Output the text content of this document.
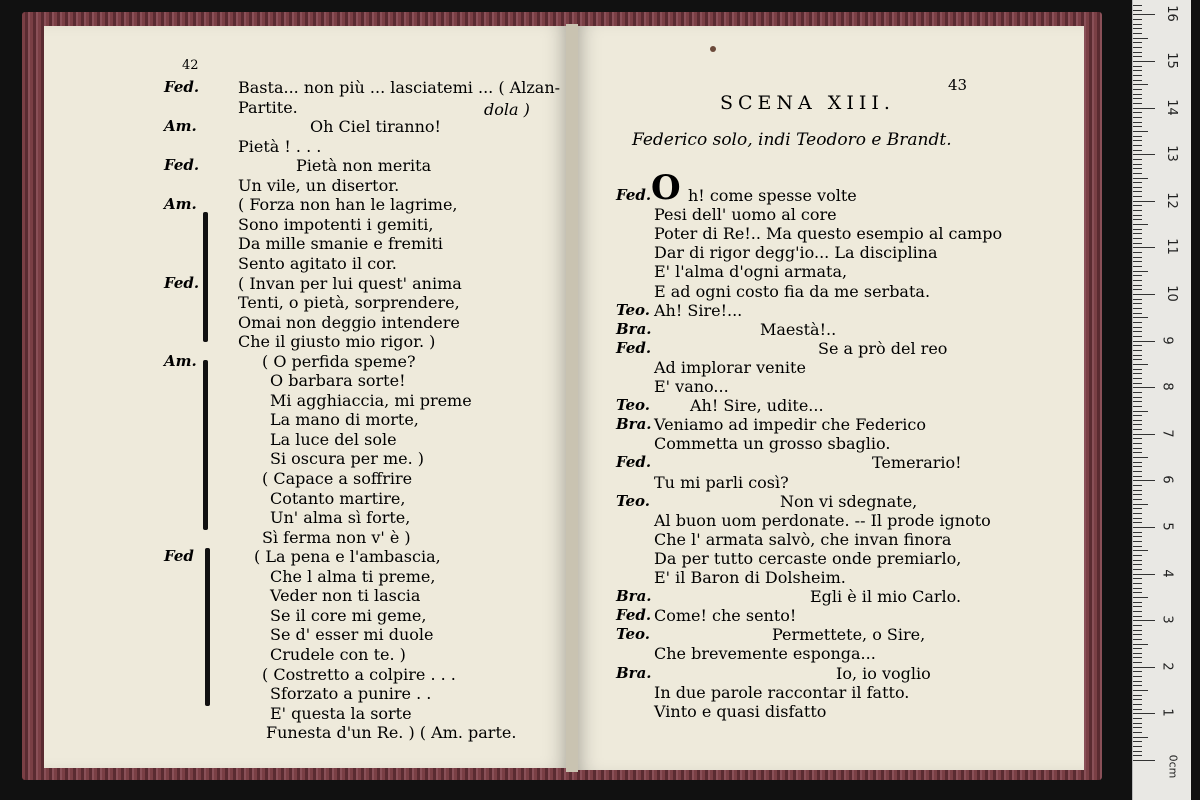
42
Fed. Basta... non più ... lasciatemi ... ( Alzan-
Partite.	dola )
Am.	Oh Ciel tiranno!
Pietà ! . . .
Fed.	Pietà non merita
Un vile, un disertor.
Am.	( Forza non han le lagrime,
Sono impotenti i gemiti,
Da mille smanie e fremiti
Sento agitato il cor.
Fed. ( Invan per lui quest' anima
Tenti, o pietà, sorprendere,
Omai non deggio intendere
Che il giusto mio rigor. )
Am.	( O perfida speme?
O barbara sorte!
Mi agghiaccia, mi preme
La mano di morte,
La luce del sole
Si oscura per me. )
( Capace a soffrire
Cotanto martire,
Un' alma sì forte,
Sì ferma non v' è )
Fed	( La pena e l'ambascia,
Che l alma ti preme,
Veder non ti lascia
Se il core mi geme,
Se d' esser mi duole
Crudele con te. )
( Costretto a colpire . . .
Sforzato a punire . .
E' questa la sorte
Funesta d'un Re. ) ( Am. parte.
43
SCENA XIII.
Federico solo, indi Teodoro e Brandt.
O
Fed. h! come spesse volte
Pesi dell' uomo al core
Poter di Re!.. Ma questo esempio al campo
Dar di rigor degg'io... La disciplina
E' l'alma d'ogni armata,
E ad ogni costo fia da me serbata.
Teo. Ah! Sire!...
Bra.	Maestà!..
Fed.	Se a prò del reo
Ad implorar venite
E' vano...
Teo.	Ah! Sire, udite...
Bra. Veniamo ad impedir che Federico
Commetta un grosso sbaglio.
Fed.	Temerario!
Tu mi parli così?
Teo.	Non vi sdegnate,
Al buon uom perdonate. -- Il prode ignoto
Che l' armata salvò, che invan finora
Da per tutto cercaste onde premiarlo,
E' il Baron di Dolsheim.
Bra.	Egli è il mio Carlo.
Fed. Come! che sento!
Teo.	Permettete, o Sire,
Che brevemente esponga...
Bra.	Io, io voglio
In due parole raccontar il fatto.
Vinto e quasi disfatto
0cm
1
2
3
4
5
6
7
8
9
10
11
12
13
14
15
16
